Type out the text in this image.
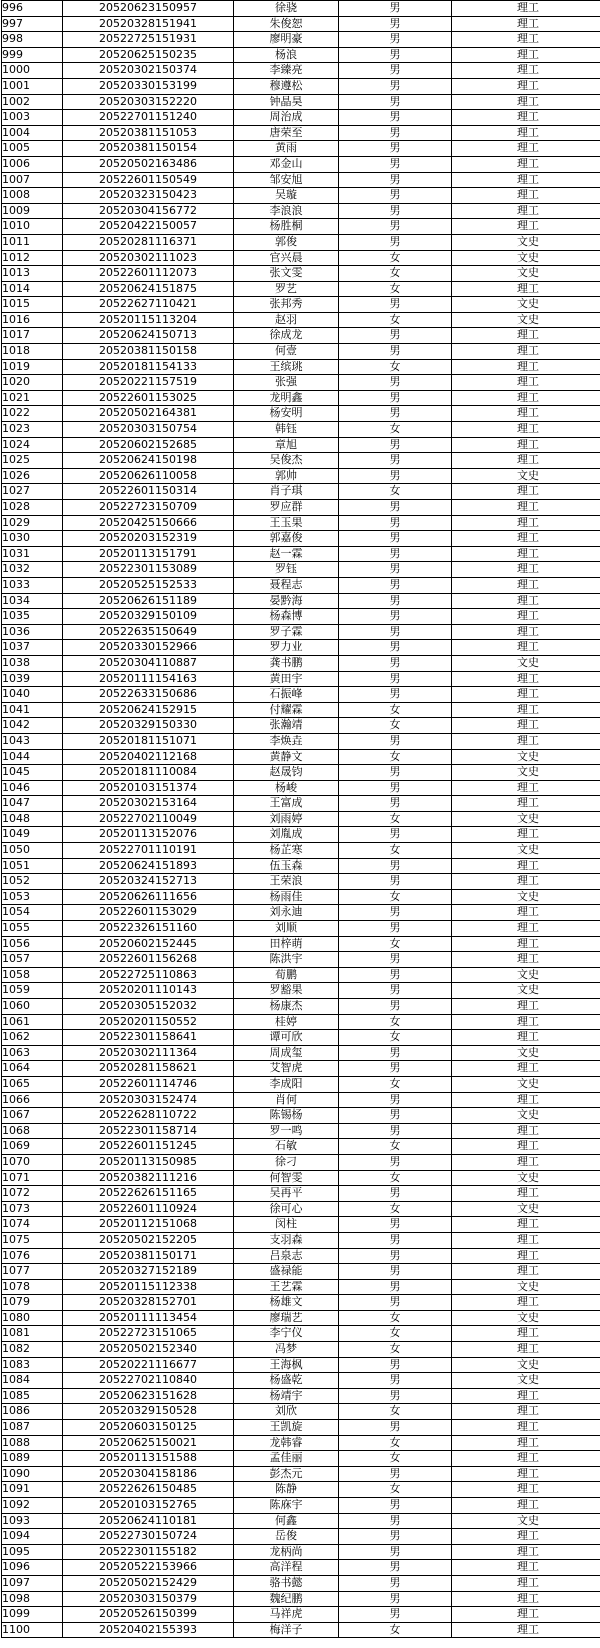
996	20520623150957	徐骁	男	理工
997	20520328151941	朱俊恕	男	理工
998	20522725151931	廖明豪	男	理工
999	20520625150235	杨浪	男	理工
1000	20520302150374	李臻亮	男	理工
1001	20520330153199	穆遵松	男	理工
1002	20520303152220	钟晶昊	男	理工
1003	20522701151240	周治成	男	理工
1004	20520381151053	唐荣至	男	理工
1005	20520381150154	黄雨	男	理工
1006	20520502163486	邓金山	男	理工
1007	20522601150549	邹安旭	男	理工
1008	20520323150423	吴璇	男	理工
1009	20520304156772	李浪浪	男	理工
1010	20520422150057	杨胜桐	男	理工
1011	20520281116371	郭俊	男	文史
1012	20520302111023	官兴晨	女	文史
1013	20522601112073	张文雯	女	文史
1014	20520624151875	罗艺	女	理工
1015	20522627110421	张邦秀	男	文史
1016	20520115113204	赵羽	女	文史
1017	20520624150713	徐成龙	男	理工
1018	20520381150158	何壹	男	理工
1019	20520181154133	王缤珧	女	理工
1020	20520221157519	张强	男	理工
1021	20522601153025	龙明鑫	男	理工
1022	20520502164381	杨安明	男	理工
1023	20520303150754	韩钰	女	理工
1024	20520602152685	章旭	男	理工
1025	20520624150198	吴俊杰	男	理工
1026	20520626110058	郭帅	男	文史
1027	20522601150314	肖子琪	女	理工
1028	20522723150709	罗应群	男	理工
1029	20520425150666	王玉果	男	理工
1030	20520203152319	郭嘉俊	男	理工
1031	20520113151791	赵一霖	男	理工
1032	20522301153089	罗钰	男	理工
1033	20520525152533	聂程志	男	理工
1034	20520626151189	晏黔海	男	理工
1035	20520329150109	杨森博	男	理工
1036	20522635150649	罗子霖	男	理工
1037	20520330152966	罗力业	男	理工
1038	20520304110887	龚书鹏	男	文史
1039	20520111154163	黄田宇	男	理工
1040	20522633150686	石振峰	男	理工
1041	20520624152915	付耀霖	女	理工
1042	20520329150330	张瀚靖	女	理工
1043	20520181151071	李焕垚	男	理工
1044	20520402112168	黄静文	女	文史
1045	20520181110084	赵晟钧	男	文史
1046	20520103151374	杨峻	男	理工
1047	20520302153164	王富成	男	理工
1048	20522702110049	刘雨婷	女	文史
1049	20520113152076	刘胤成	男	理工
1050	20522701110191	杨芷寒	女	文史
1051	20520624151893	伍玉森	男	理工
1052	20520324152713	王荣浪	男	理工
1053	20520626111656	杨雨佳	女	文史
1054	20522601153029	刘永迪	男	理工
1055	20522326151160	刘顺	男	理工
1056	20520602152445	田梓萌	女	理工
1057	20522601156268	陈洪宇	男	理工
1058	20522725110863	荀鹏	男	文史
1059	20520201110143	罗豁果	男	文史
1060	20520305152032	杨康杰	男	理工
1061	20520201150552	桂婷	女	理工
1062	20522301158641	谭可欣	女	理工
1063	20520302111364	周成玺	男	文史
1064	20520281158621	艾智虎	男	理工
1065	20522601114746	李成阳	女	文史
1066	20520303152474	肖何	男	理工
1067	20522628110722	陈锡杨	男	文史
1068	20522301158714	罗一鸣	男	理工
1069	20522601151245	石敏	女	理工
1070	20520113150985	徐刁	男	理工
1071	20520382111216	何智雯	女	文史
1072	20522626151165	吴再平	男	理工
1073	20522601110924	徐可心	女	文史
1074	20520112151068	闵柱	男	理工
1075	20520502152205	支羽森	男	理工
1076	20520381150171	吕泉志	男	理工
1077	20520327152189	盛禄能	男	理工
1078	20520115112338	王艺霖	男	文史
1079	20520328152701	杨雄文	男	理工
1080	20520111113454	廖瑞艺	女	文史
1081	20522723151065	李宁仪	女	理工
1082	20520502152340	冯梦	女	理工
1083	20520221116677	王海枫	男	文史
1084	20522702110840	杨盛乾	男	文史
1085	20520623151628	杨靖宇	男	理工
1086	20520329150528	刘欣	女	理工
1087	20520603150125	王凯旋	男	理工
1088	20520625150021	龙韩睿	女	理工
1089	20520113151588	孟佳丽	女	理工
1090	20520304158186	彭杰元	男	理工
1091	20522626150485	陈静	女	理工
1092	20520103152765	陈庥宇	男	理工
1093	20520624110181	何鑫	男	文史
1094	20522730150724	岳俊	男	理工
1095	20522301155182	龙柄尚	男	理工
1096	20520522153966	高洋程	男	理工
1097	20520502152429	骆书懿	男	理工
1098	20520303150379	魏纪鹏	男	理工
1099	20520526150399	马祥虎	男	理工
1100	20520402155393	梅洋子	女	理工
